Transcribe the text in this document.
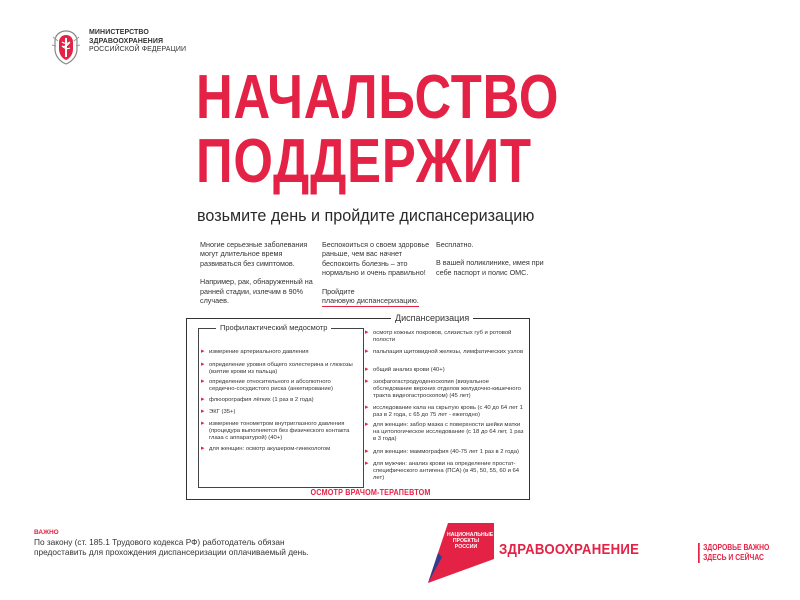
МИНИСТЕРСТВО
ЗДРАВООХРАНЕНИЯ
РОССИЙСКОЙ ФЕДЕРАЦИИ
НАЧАЛЬСТВО
ПОДДЕРЖИТ
возьмите день и пройдите диспансеризацию

Многие серьезные заболевания могут длительное время развиваться без симптомов.

Например, рак, обнаруженный на ранней стадии, излечим в 90% случаев.

Беспокоиться о своем здоровье раньше, чем вас начнет беспокоить болезнь – это нормально и очень правильно!

Пройдите
плановую диспансеризацию.

Бесплатно.

В вашей поликлинике, имея при себе паспорт и полис ОМС.

Диспансеризация
Профилактический медосмотр
▸ измерение артериального давления
▸ определение уровня общего холестерина и глюкозы (взятие крови из пальца)
▸ определение относительного и абсолютного сердечно-сосудистого риска (анкетирование)
▸ флюорография лёгких (1 раз в 2 года)
▸ ЭКГ (35+)
▸ измерение тонометром внутриглазного давления (процедура выполняется без физического контакта глаза с аппаратурой) (40+)
▸ для женщин: осмотр акушером-гинекологом
▸ осмотр кожных покровов, слизистых губ и ротовой полости
▸ пальпация щитовидной железы, лимфатических узлов
▸ общий анализ крови (40+)
▸ эзофагогастродуоденоскопия (визуальное обследование верхних отделов желудочно-кишечного тракта видеогастроскопом) (45 лет)
▸ исследование кала на скрытую кровь (с 40 до 64 лет 1 раз в 2 года, с 65 до 75 лет - ежегодно)
▸ для женщин: забор мазка с поверхности шейки матки на цитологическое исследование (с 18 до 64 лет, 1 раз в 3 года)
▸ для женщин: маммография (40-75 лет 1 раз в 2 года)
▸ для мужчин: анализ крови на определение простат-специфического антигена (ПСА) (в 45, 50, 55, 60 и 64 лет)
ОСМОТР ВРАЧОМ-ТЕРАПЕВТОМ
ВАЖНО
По закону (ст. 185.1 Трудового кодекса РФ) работодатель обязан
предоставить для прохождения диспансеризации оплачиваемый день.
НАЦИОНАЛЬНЫЕ
ПРОЕКТЫ
РОССИИ	ЗДРАВООХРАНЕНИЕ	ЗДОРОВЬЕ ВАЖНО
ЗДЕСЬ И СЕЙЧАС
